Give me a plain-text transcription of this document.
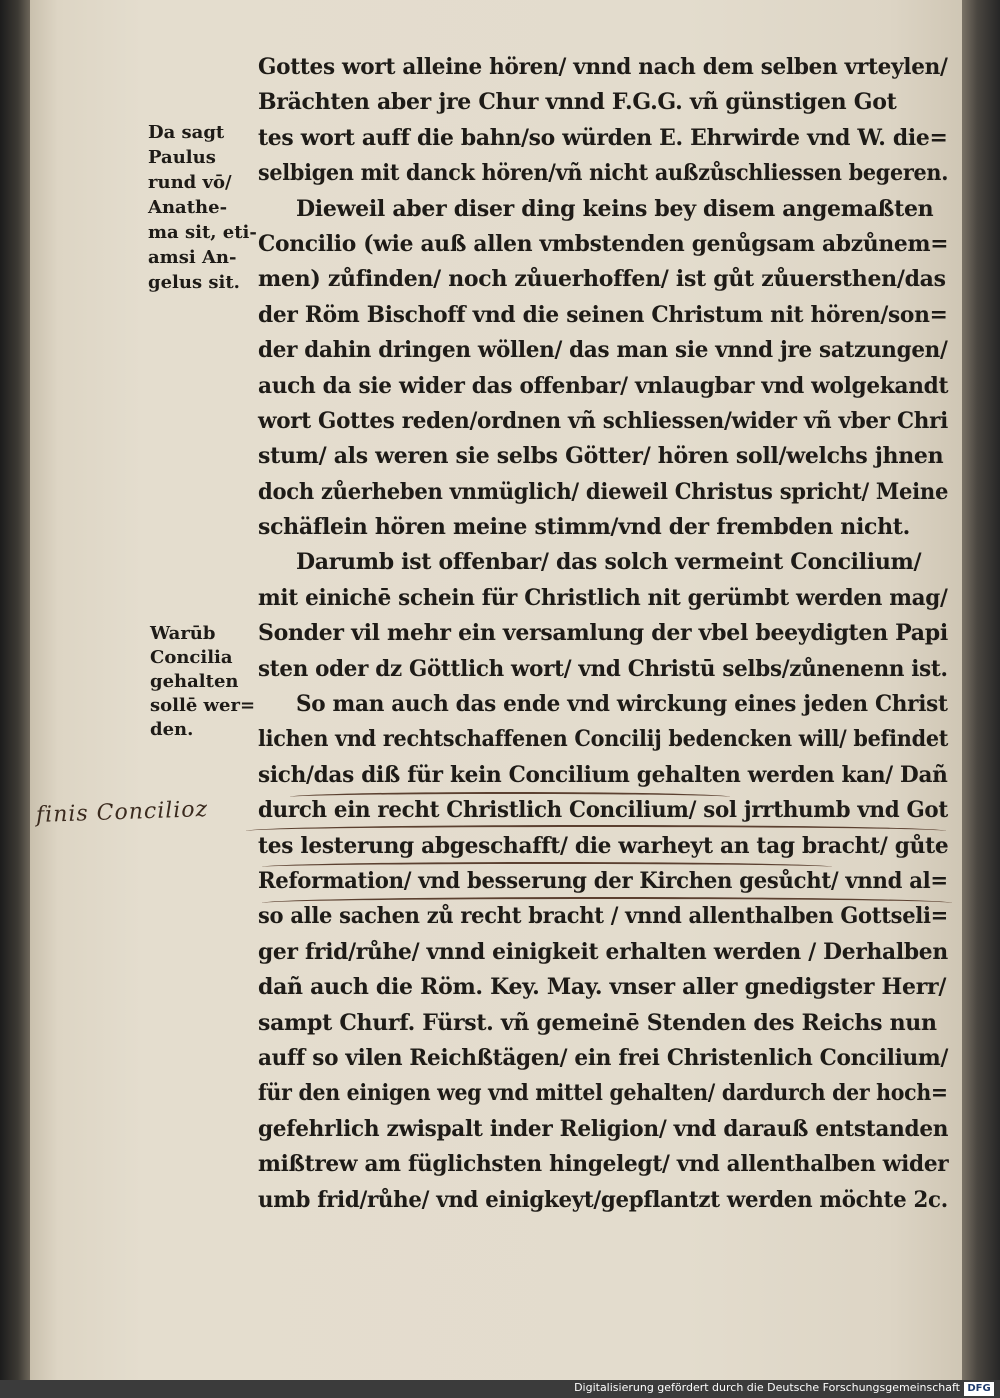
Da sagt
Paulus
rund vō/
Anathe-
ma sit, eti-
amsi An-
gelus sit.
Warūb
Concilia
gehalten
sollē wer=
den.
finis Concilioz
Gottes wort alleine hören/ vnnd nach dem selben vrteylen/
Brächten aber jre Chur vnnd F.G.G. vñ günstigen Got
tes wort auff die bahn/so würden E. Ehrwirde vnd W. die=
selbigen mit danck hören/vñ nicht außzůschliessen begeren.
Dieweil aber diser ding keins bey disem angemaßten
Concilio (wie auß allen vmbstenden genůgsam abzůnem=
men) zůfinden/ noch zůuerhoffen/ ist gůt zůuersthen/das
der Röm Bischoff vnd die seinen Christum nit hören/son=
der dahin dringen wöllen/ das man sie vnnd jre satzungen/
auch da sie wider das offenbar/ vnlaugbar vnd wolgekandt
wort Gottes reden/ordnen vñ schliessen/wider vñ vber Chri
stum/ als weren sie selbs Götter/ hören soll/welchs jhnen
doch zůerheben vnmüglich/ dieweil Christus spricht/ Meine
schäflein hören meine stimm/vnd der frembden nicht.
Darumb ist offenbar/ das solch vermeint Concilium/
mit einichē schein für Christlich nit gerümbt werden mag/
Sonder vil mehr ein versamlung der vbel beeydigten Papi
sten oder dz Göttlich wort/ vnd Christū selbs/zůnenenn ist.
So man auch das ende vnd wirckung eines jeden Christ
lichen vnd rechtschaffenen Concilij bedencken will/ befindet
sich/das diß für kein Concilium gehalten werden kan/ Dañ
durch ein recht Christlich Concilium/ sol jrrthumb vnd Got
tes lesterung abgeschafft/ die warheyt an tag bracht/ gůte
Reformation/ vnd besserung der Kirchen gesůcht/ vnnd al=
so alle sachen zů recht bracht / vnnd allenthalben Gottseli=
ger frid/růhe/ vnnd einigkeit erhalten werden / Derhalben
dañ auch die Röm. Key. May. vnser aller gnedigster Herr/
sampt Churf. Fürst. vñ gemeinē Stenden des Reichs nun
auff so vilen Reichßtägen/ ein frei Christenlich Concilium/
für den einigen weg vnd mittel gehalten/ dardurch der hoch=
gefehrlich zwispalt inder Religion/ vnd darauß entstanden
mißtrew am füglichsten hingelegt/ vnd allenthalben wider
umb frid/růhe/ vnd einigkeyt/gepflantzt werden möchte 2c.
Digitalisierung gefördert durch die Deutsche Forschungsgemeinschaft DFG
